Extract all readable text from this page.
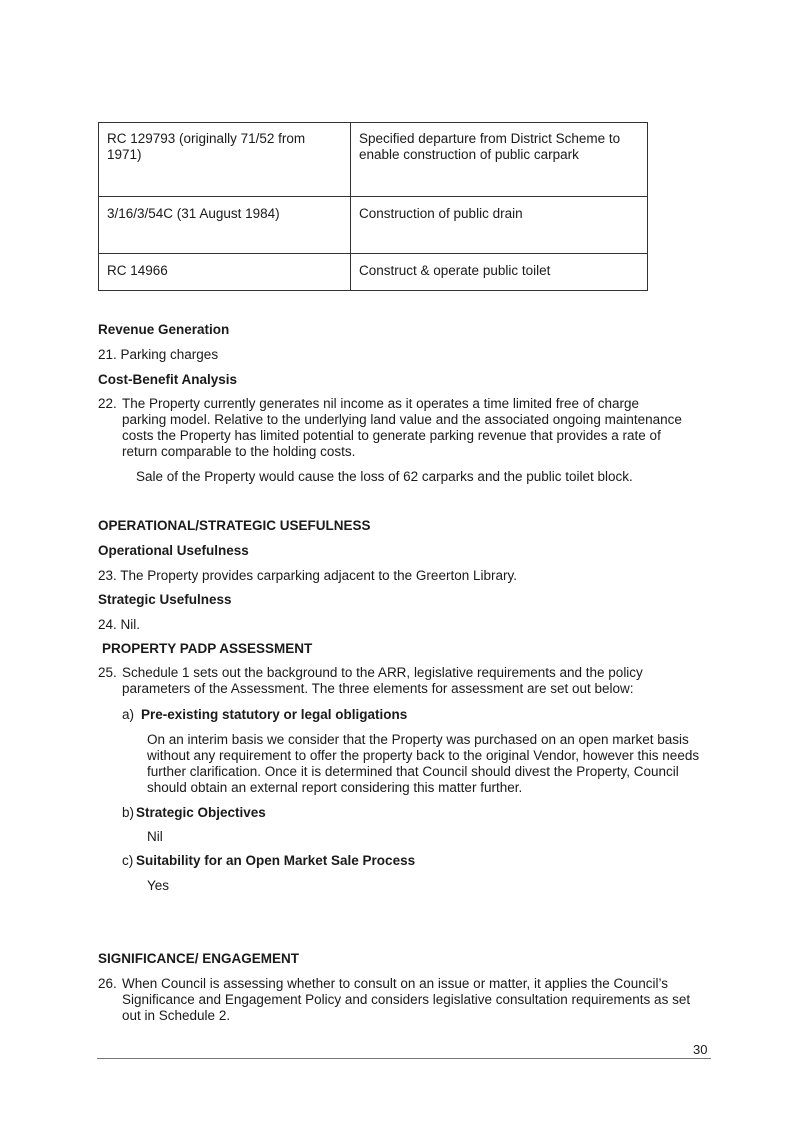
RC 129793 (originally 71/52 from 1971)	Specified departure from District Scheme to enable construction of public carpark
3/16/3/54C (31 August 1984)	Construction of public drain
RC 14966	Construct & operate public toilet
Revenue Generation
21. Parking charges
Cost-Benefit Analysis
22. The Property currently generates nil income as it operates a time limited free of charge parking model. Relative to the underlying land value and the associated ongoing maintenance costs the Property has limited potential to generate parking revenue that provides a rate of return comparable to the holding costs.
Sale of the Property would cause the loss of 62 carparks and the public toilet block.
OPERATIONAL/STRATEGIC USEFULNESS
Operational Usefulness
23. The Property provides carparking adjacent to the Greerton Library.
Strategic Usefulness
24. Nil.
PROPERTY PADP ASSESSMENT
25. Schedule 1 sets out the background to the ARR, legislative requirements and the policy parameters of the Assessment. The three elements for assessment are set out below:
a) Pre-existing statutory or legal obligations
On an interim basis we consider that the Property was purchased on an open market basis without any requirement to offer the property back to the original Vendor, however this needs further clarification. Once it is determined that Council should divest the Property, Council should obtain an external report considering this matter further.
b) Strategic Objectives
Nil
c) Suitability for an Open Market Sale Process
Yes
SIGNIFICANCE/ ENGAGEMENT
26. When Council is assessing whether to consult on an issue or matter, it applies the Council’s Significance and Engagement Policy and considers legislative consultation requirements as set out in Schedule 2.
30
